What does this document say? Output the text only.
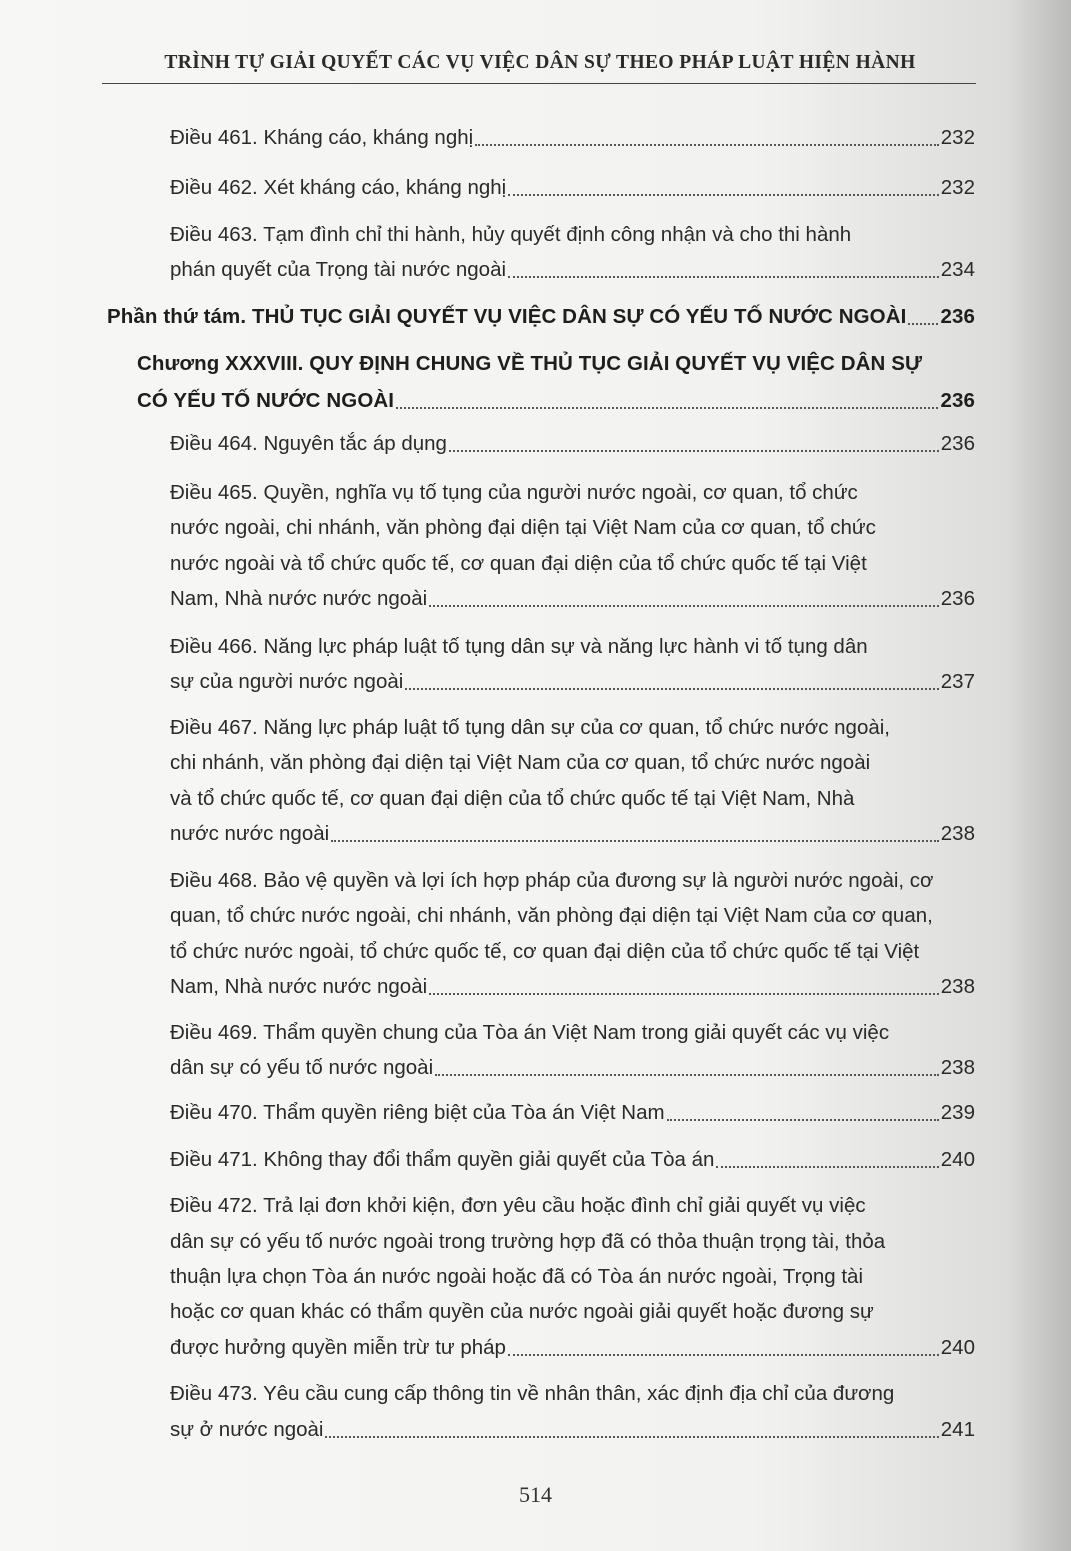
TRÌNH TỰ GIẢI QUYẾT CÁC VỤ VIỆC DÂN SỰ THEO PHÁP LUẬT HIỆN HÀNH
Điều 461. Kháng cáo, kháng nghị	232
Điều 462. Xét kháng cáo, kháng nghị	232
Điều 463. Tạm đình chỉ thi hành, hủy quyết định công nhận và cho thi hành
phán quyết của Trọng tài nước ngoài	234
Phần thứ tám. THỦ TỤC GIẢI QUYẾT VỤ VIỆC DÂN SỰ CÓ YẾU TỐ NƯỚC NGOÀI 236
Chương XXXVIII. QUY ĐỊNH CHUNG VỀ THỦ TỤC GIẢI QUYẾT VỤ VIỆC DÂN SỰ
CÓ YẾU TỐ NƯỚC NGOÀI	236
Điều 464. Nguyên tắc áp dụng	236
Điều 465. Quyền, nghĩa vụ tố tụng của người nước ngoài, cơ quan, tổ chức
nước ngoài, chi nhánh, văn phòng đại diện tại Việt Nam của cơ quan, tổ chức
nước ngoài và tổ chức quốc tế, cơ quan đại diện của tổ chức quốc tế tại Việt
Nam, Nhà nước nước ngoài	236
Điều 466. Năng lực pháp luật tố tụng dân sự và năng lực hành vi tố tụng dân
sự của người nước ngoài	237
Điều 467. Năng lực pháp luật tố tụng dân sự của cơ quan, tổ chức nước ngoài,
chi nhánh, văn phòng đại diện tại Việt Nam của cơ quan, tổ chức nước ngoài
và tổ chức quốc tế, cơ quan đại diện của tổ chức quốc tế tại Việt Nam, Nhà
nước nước ngoài	238
Điều 468. Bảo vệ quyền và lợi ích hợp pháp của đương sự là người nước ngoài, cơ
quan, tổ chức nước ngoài, chi nhánh, văn phòng đại diện tại Việt Nam của cơ quan,
tổ chức nước ngoài, tổ chức quốc tế, cơ quan đại diện của tổ chức quốc tế tại Việt
Nam, Nhà nước nước ngoài	238
Điều 469. Thẩm quyền chung của Tòa án Việt Nam trong giải quyết các vụ việc
dân sự có yếu tố nước ngoài	238
Điều 470. Thẩm quyền riêng biệt của Tòa án Việt Nam	239
Điều 471. Không thay đổi thẩm quyền giải quyết của Tòa án	240
Điều 472. Trả lại đơn khởi kiện, đơn yêu cầu hoặc đình chỉ giải quyết vụ việc
dân sự có yếu tố nước ngoài trong trường hợp đã có thỏa thuận trọng tài, thỏa
thuận lựa chọn Tòa án nước ngoài hoặc đã có Tòa án nước ngoài, Trọng tài
hoặc cơ quan khác có thẩm quyền của nước ngoài giải quyết hoặc đương sự
được hưởng quyền miễn trừ tư pháp	240
Điều 473. Yêu cầu cung cấp thông tin về nhân thân, xác định địa chỉ của đương
sự ở nước ngoài	241
514
